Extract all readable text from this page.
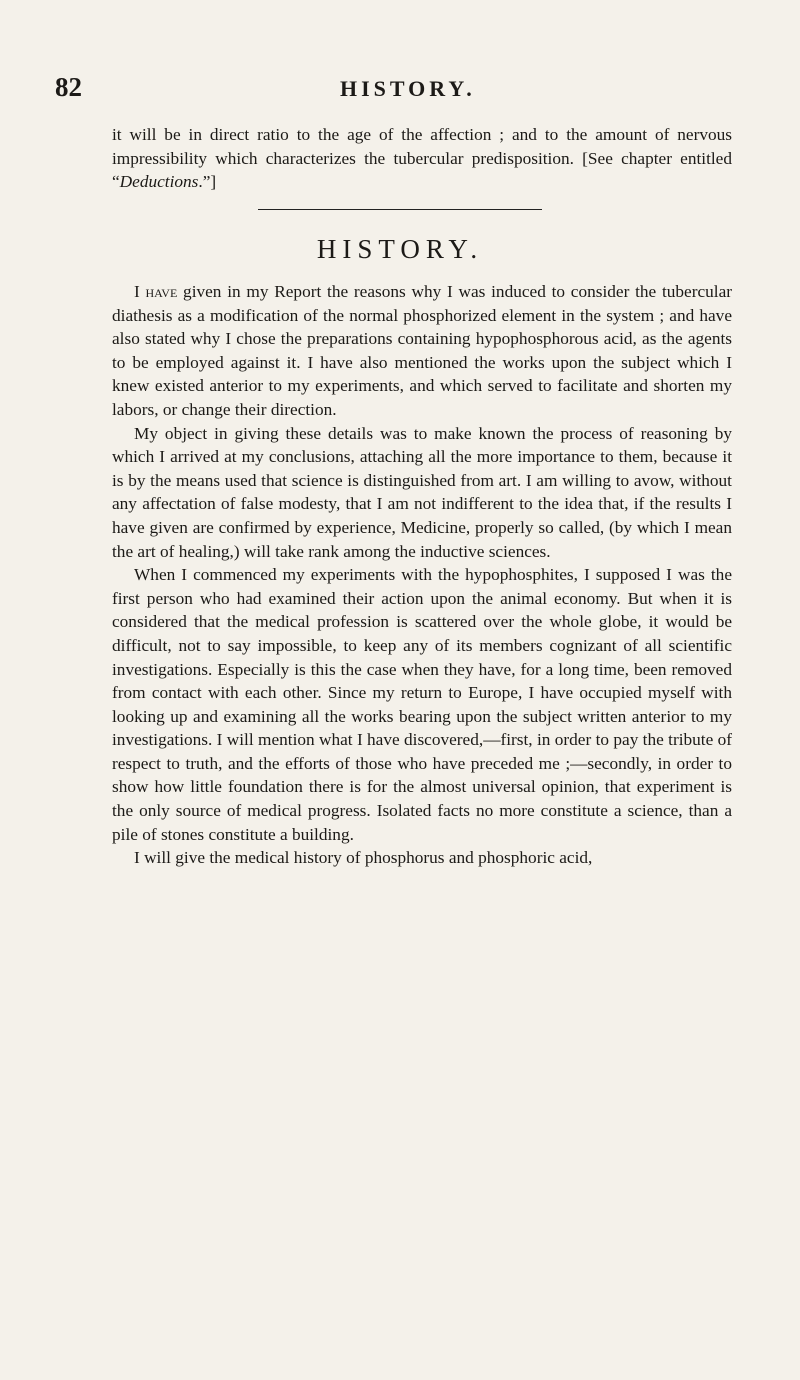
82	HISTORY.

it will be in direct ratio to the age of the affection ; and to the amount of nervous impressibility which characterizes the tubercular predisposition. [See chapter entitled “Deductions.”]

HISTORY.

I have given in my Report the reasons why I was induced to consider the tubercular diathesis as a modification of the normal phosphorized element in the system ; and have also stated why I chose the preparations containing hypophosphorous acid, as the agents to be employed against it. I have also mentioned the works upon the subject which I knew existed anterior to my experiments, and which served to facilitate and shorten my labors, or change their direction.

My object in giving these details was to make known the process of reasoning by which I arrived at my conclusions, attaching all the more importance to them, because it is by the means used that science is distinguished from art. I am willing to avow, without any affectation of false modesty, that I am not indifferent to the idea that, if the results I have given are confirmed by experience, Medicine, properly so called, (by which I mean the art of healing,) will take rank among the inductive sciences.

When I commenced my experiments with the hypophosphites, I supposed I was the first person who had examined their action upon the animal economy. But when it is considered that the medical profession is scattered over the whole globe, it would be difficult, not to say impossible, to keep any of its members cognizant of all scientific investigations. Especially is this the case when they have, for a long time, been removed from contact with each other. Since my return to Europe, I have occupied myself with looking up and examining all the works bearing upon the subject written anterior to my investigations. I will mention what I have discovered,—first, in order to pay the tribute of respect to truth, and the efforts of those who have preceded me ;—secondly, in order to show how little foundation there is for the almost universal opinion, that experiment is the only source of medical progress. Isolated facts no more constitute a science, than a pile of stones constitute a building.

I will give the medical history of phosphorus and phosphoric acid,
